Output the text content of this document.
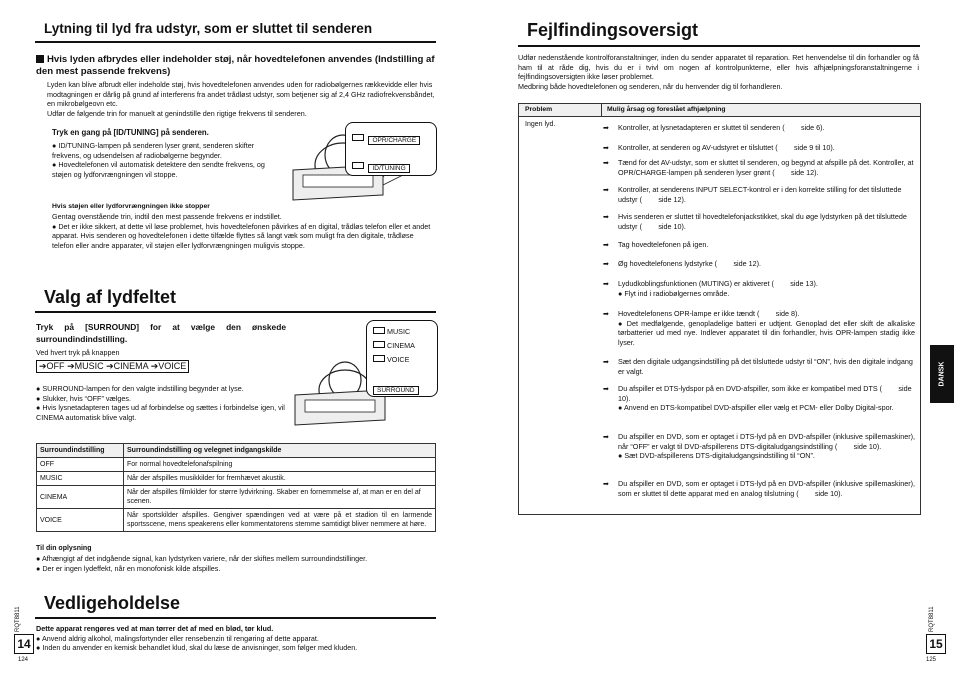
Lytning til lyd fra udstyr, som er sluttet til senderen
Hvis lyden afbrydes eller indeholder støj, når hovedtelefonen anvendes (Indstilling af den mest passende frekvens)

Lyden kan blive afbrudt eller indeholde støj, hvis hovedtelefonen anvendes uden for radiobølgernes rækkevidde eller hvis modtagningen er dårlig på grund af interferens fra andet trådløst udstyr, som betjener sig af 2,4 GHz radiofrekvensbåndet, en mikrobølgeovn etc.

Udfør de følgende trin for manuelt at genindstille den rigtige frekvens til senderen.

Tryk en gang på [ID/TUNING] på senderen.

● ID/TUNING-lampen på senderen lyser grønt, senderen skifter frekvens, og udsendelsen af radiobølgerne begynder.

● Hovedtelefonen vil automatisk detektere den sendte frekvens, og støjen og lydforvrængningen vil stoppe.

OPR/CHARGE
ID/TUNING
Hvis støjen eller lydforvrængningen ikke stopper

Gentag ovenstående trin, indtil den mest passende frekvens er indstillet.

● Det er ikke sikkert, at dette vil løse problemet, hvis hovedtelefonen påvirkes af en digital, trådløs telefon eller et andet apparat. Hvis senderen og hovedtelefonen i dette tilfælde flyttes så langt væk som muligt fra den digitale, trådløse telefon eller andre apparater, vil støjen eller lydforvrængningen muligvis stoppe.

Valg af lydfeltet
Tryk på [SURROUND] for at vælge den ønskede surroundindindstilling.
Ved hvert tryk på knappen
➔OFF ➔MUSIC ➔CINEMA ➔VOICE

● SURROUND-lampen for den valgte indstilling begynder at lyse.

● Slukker, hvis “OFF” vælges.

● Hvis lysnetadapteren tages ud af forbindelse og sættes i forbindelse igen, vil CINEMA automatisk blive valgt.

MUSIC
CINEMA
VOICE
SURROUND
Surroundindstilling	Surroundindstilling og velegnet indgangskilde
OFF	For normal hovedtelefonafspilning
MUSIC	Når der afspilles musikkilder for fremhævet akustik.
CINEMA	Når der afspilles filmkilder for større lydvirkning. Skaber en fornemmelse af, at man er en del af scenen.
VOICE	Når sportskilder afspilles. Gengiver spændingen ved at være på et stadion til en larmende sportsscene, mens speakerens eller kommentatorens stemme samtidigt bliver nemmere at høre.
Til din oplysning

● Afhængigt af det indgående signal, kan lydstyrken variere, når der skiftes mellem surroundindstillinger.

● Der er ingen lydeffekt, når en monofonisk kilde afspilles.

Vedligeholdelse

Dette apparat rengøres ved at man tørrer det af med en blød, tør klud.

● Anvend aldrig alkohol, malingsfortynder eller rensebenzin til rengøring af dette apparat.

● Inden du anvender en kemisk behandlet klud, skal du læse de anvisninger, som følger med kluden.

RQT8811
14
124
Fejlfindingsoversigt

Udfør nedenstående kontrolforanstaltninger, inden du sender apparatet til reparation. Ret henvendelse til din forhandler og få ham til at råde dig, hvis du er i tvivl om nogen af kontrolpunkterne, eller hvis afhjælpningsforanstaltningerne i fejlfindingsoversigten ikke løser problemet.

Medbring både hovedtelefonen og senderen, når du henvender dig til forhandleren.

Problem	Mulig årsag og foreslået afhjælpning
Ingen lyd.	➡ Kontroller, at lysnetadapteren er sluttet til senderen (     side 6).
➡ Kontroller, at senderen og AV-udstyret er tilsluttet (     side 9 til 10).
➡ Tænd for det AV-udstyr, som er sluttet til senderen, og begynd at afspille på det. Kontroller, at OPR/CHARGE-lampen på senderen lyser grønt (     side 12).
➡ Kontroller, at senderens INPUT SELECT-kontrol er i den korrekte stilling for det tilsluttede udstyr (     side 12).
➡ Hvis senderen er sluttet til hovedtelefonjackstikket, skal du øge lydstyrken på det tilsluttede udstyr (     side 10).
➡ Tag hovedtelefonen på igen.
➡ Øg hovedtelefonens lydstyrke (     side 12).
➡ Lydudkoblingsfunktionen (MUTING) er aktiveret (     side 13).
● Flyt ind i radiobølgernes område.
➡ Hovedtelefonens OPR-lampe er ikke tændt (     side 8).
● Det medfølgende, genopladelige batteri er udtjent. Genoplad det eller skift de alkaliske tørbatterier ud med nye. Indlever apparatet til din forhandler, hvis OPR-lampen stadig ikke lyser.
➡ Sæt den digitale udgangsindstilling på det tilsluttede udstyr til “ON”, hvis den digitale indgang er valgt.
➡ Du afspiller et DTS-lydspor på en DVD-afspiller, som ikke er kompatibel med DTS (     side 10).
● Anvend en DTS-kompatibel DVD-afspiller eller vælg et PCM- eller Dolby Digital-spor.
➡ Du afspiller en DVD, som er optaget i DTS-lyd på en DVD-afspiller (inklusive spillemaskiner), når “OFF” er valgt til DVD-afspillerens DTS-digitaludgangsindstilling (     side 10).
● Sæt DVD-afspillerens DTS-digitaludgangsindstilling til “ON”.
➡ Du afspiller en DVD, som er optaget i DTS-lyd på en DVD-afspiller (inklusive spillemaskiner), som er sluttet til dette apparat med en analog tilslutning (     side 10).
DANSK
RQT8811
15
125
